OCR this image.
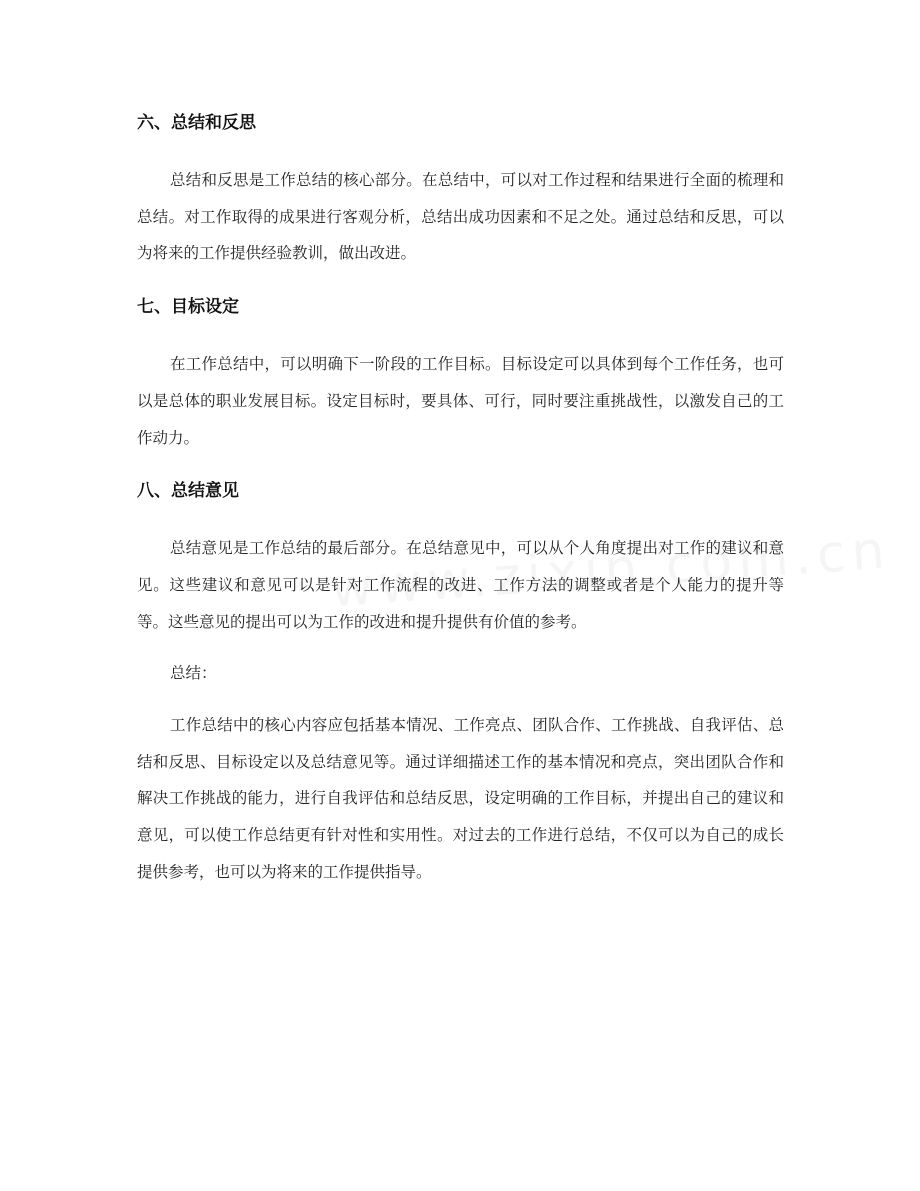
六、总结和反思

总结和反思是工作总结的核心部分。在总结中，可以对工作过程和结果进行全面的梳理和总结。对工作取得的成果进行客观分析，总结出成功因素和不足之处。通过总结和反思，可以为将来的工作提供经验教训，做出改进。

七、目标设定

在工作总结中，可以明确下一阶段的工作目标。目标设定可以具体到每个工作任务，也可以是总体的职业发展目标。设定目标时，要具体、可行，同时要注重挑战性，以激发自己的工作动力。

八、总结意见

总结意见是工作总结的最后部分。在总结意见中，可以从个人角度提出对工作的建议和意见。这些建议和意见可以是针对工作流程的改进、工作方法的调整或者是个人能力的提升等等。这些意见的提出可以为工作的改进和提升提供有价值的参考。

总结：

工作总结中的核心内容应包括基本情况、工作亮点、团队合作、工作挑战、自我评估、总结和反思、目标设定以及总结意见等。通过详细描述工作的基本情况和亮点，突出团队合作和解决工作挑战的能力，进行自我评估和总结反思，设定明确的工作目标，并提出自己的建议和意见，可以使工作总结更有针对性和实用性。对过去的工作进行总结，不仅可以为自己的成长提供参考，也可以为将来的工作提供指导。
